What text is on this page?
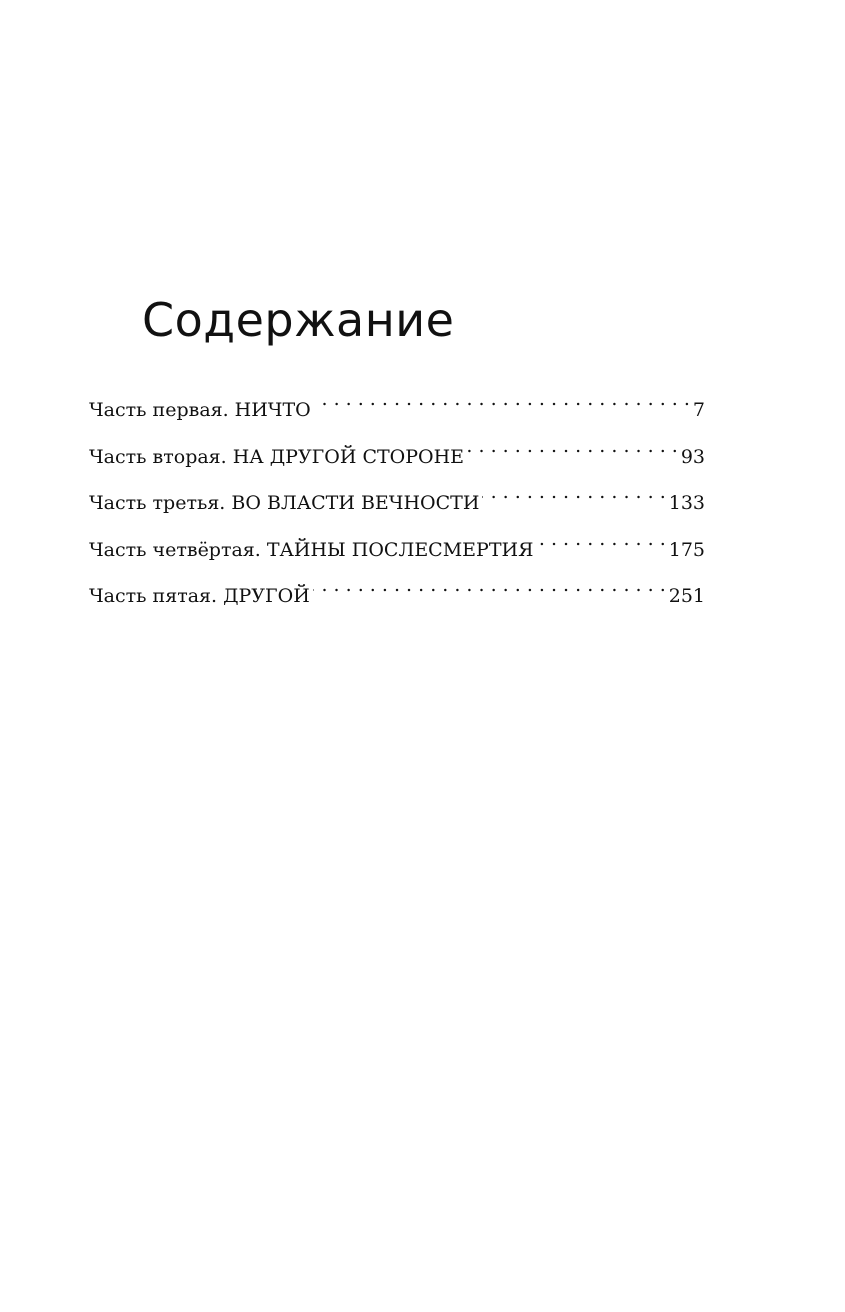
Содержание
Часть первая. НИЧТО . . .	7
Часть вторая. НА ДРУГОЙ СТОРОНЕ . . .	93
Часть третья. ВО ВЛАСТИ ВЕЧНОСТИ . . .	133
Часть четвёртая. ТАЙНЫ ПОСЛЕСМЕРТИЯ . . .	175
Часть пятая. ДРУГОЙ . . .	251
